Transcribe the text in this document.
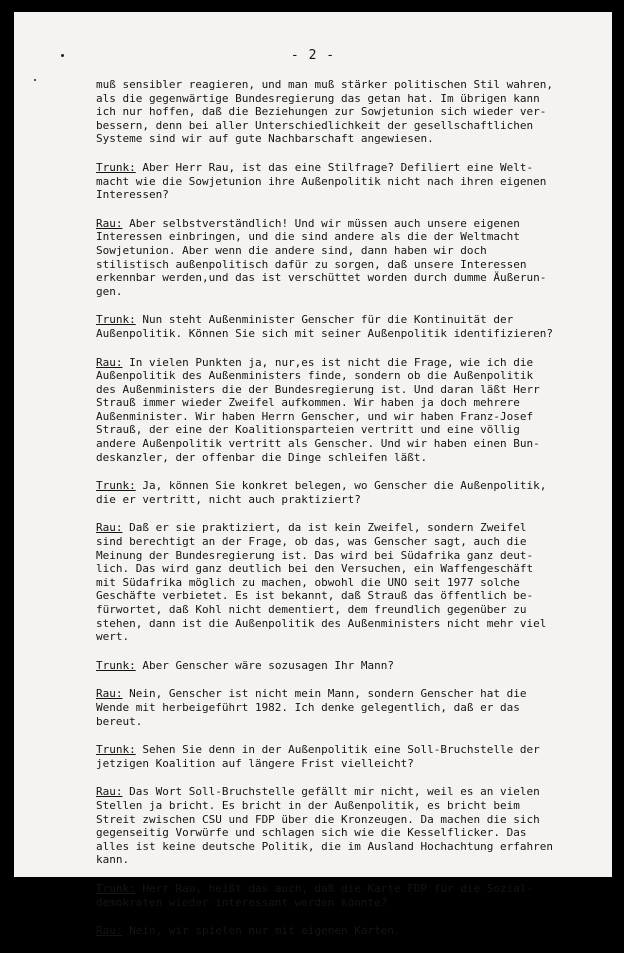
- 2 -
muß sensibler reagieren, und man muß stärker politischen Stil wahren,
als die gegenwärtige Bundesregierung das getan hat. Im übrigen kann
ich nur hoffen, daß die Beziehungen zur Sowjetunion sich wieder ver-
bessern, denn bei aller Unterschiedlichkeit der gesellschaftlichen
Systeme sind wir auf gute Nachbarschaft angewiesen.
Trunk: Aber Herr Rau, ist das eine Stilfrage? Defiliert eine Welt-
macht wie die Sowjetunion ihre Außenpolitik nicht nach ihren eigenen
Interessen?
Rau: Aber selbstverständlich! Und wir müssen auch unsere eigenen
Interessen einbringen, und die sind andere als die der Weltmacht
Sowjetunion. Aber wenn die andere sind, dann haben wir doch
stilistisch außenpolitisch dafür zu sorgen, daß unsere Interessen
erkennbar werden,und das ist verschüttet worden durch dumme Äußerun-
gen.
Trunk: Nun steht Außenminister Genscher für die Kontinuität der
Außenpolitik. Können Sie sich mit seiner Außenpolitik identifizieren?
Rau: In vielen Punkten ja, nur,es ist nicht die Frage, wie ich die
Außenpolitik des Außenministers finde, sondern ob die Außenpolitik
des Außenministers die der Bundesregierung ist. Und daran läßt Herr
Strauß immer wieder Zweifel aufkommen. Wir haben ja doch mehrere
Außenminister. Wir haben Herrn Genscher, und wir haben Franz-Josef
Strauß, der eine der Koalitionsparteien vertritt und eine völlig
andere Außenpolitik vertritt als Genscher. Und wir haben einen Bun-
deskanzler, der offenbar die Dinge schleifen läßt.
Trunk: Ja, können Sie konkret belegen, wo Genscher die Außenpolitik,
die er vertritt, nicht auch praktiziert?
Rau: Daß er sie praktiziert, da ist kein Zweifel, sondern Zweifel
sind berechtigt an der Frage, ob das, was Genscher sagt, auch die
Meinung der Bundesregierung ist. Das wird bei Südafrika ganz deut-
lich. Das wird ganz deutlich bei den Versuchen, ein Waffengeschäft
mit Südafrika möglich zu machen, obwohl die UNO seit 1977 solche
Geschäfte verbietet. Es ist bekannt, daß Strauß das öffentlich be-
fürwortet, daß Kohl nicht dementiert, dem freundlich gegenüber zu
stehen, dann ist die Außenpolitik des Außenministers nicht mehr viel
wert.
Trunk: Aber Genscher wäre sozusagen Ihr Mann?
Rau: Nein, Genscher ist nicht mein Mann, sondern Genscher hat die
Wende mit herbeigeführt 1982. Ich denke gelegentlich, daß er das
bereut.
Trunk: Sehen Sie denn in der Außenpolitik eine Soll-Bruchstelle der
jetzigen Koalition auf längere Frist vielleicht?
Rau: Das Wort Soll-Bruchstelle gefällt mir nicht, weil es an vielen
Stellen ja bricht. Es bricht in der Außenpolitik, es bricht beim
Streit zwischen CSU und FDP über die Kronzeugen. Da machen die sich
gegenseitig Vorwürfe und schlagen sich wie die Kesselflicker. Das
alles ist keine deutsche Politik, die im Ausland Hochachtung erfahren
kann.
Trunk: Herr Rau, heißt das auch, daß die Karte FDP für die Sozial-
demokraten wieder interessant werden könnte?
Rau: Nein, wir spielen nur mit eigenen Karten.
